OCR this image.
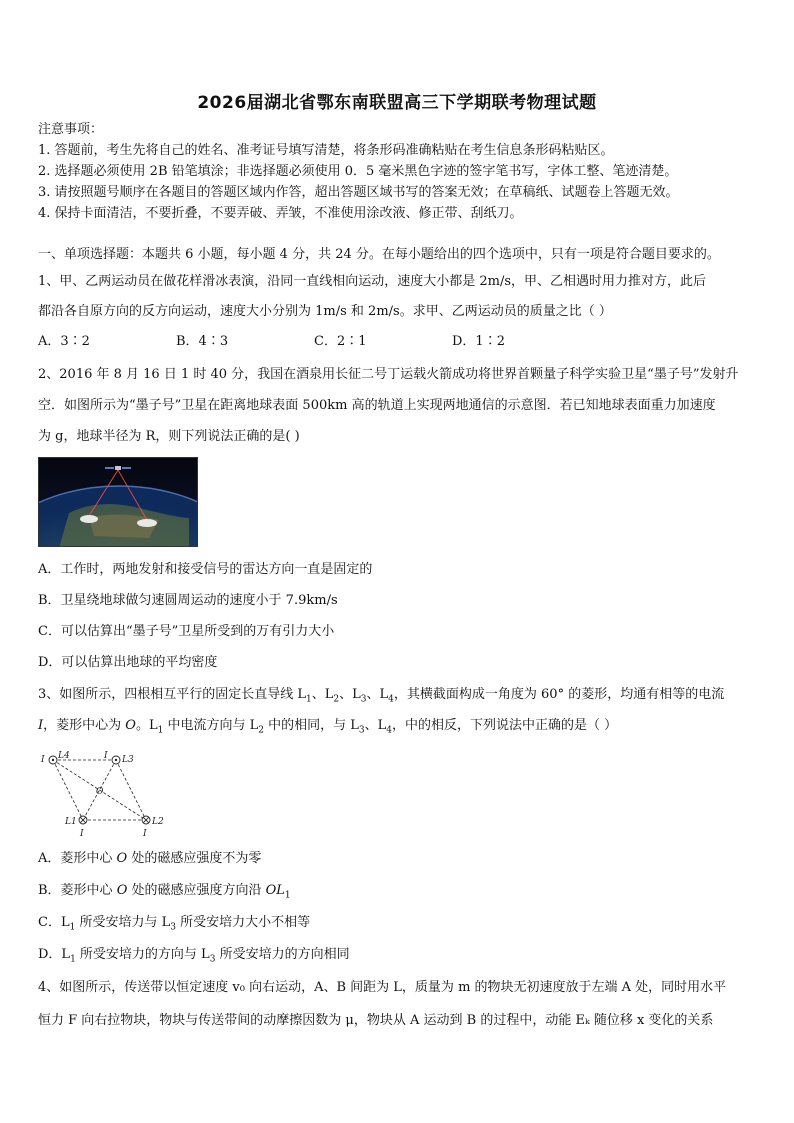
2026届湖北省鄂东南联盟高三下学期联考物理试题
注意事项：
1. 答题前，考生先将自己的姓名、准考证号填写清楚，将条形码准确粘贴在考生信息条形码粘贴区。
2. 选择题必须使用 2B 铅笔填涂；非选择题必须使用 0．5 毫米黑色字迹的签字笔书写，字体工整、笔迹清楚。
3. 请按照题号顺序在各题目的答题区域内作答，超出答题区域书写的答案无效；在草稿纸、试题卷上答题无效。
4. 保持卡面清洁，不要折叠，不要弄破、弄皱，不准使用涂改液、修正带、刮纸刀。
一、单项选择题：本题共 6 小题，每小题 4 分，共 24 分。在每小题给出的四个选项中，只有一项是符合题目要求的。
1、甲、乙两运动员在做花样滑冰表演，沿同一直线相向运动，速度大小都是 2m/s，甲、乙相遇时用力推对方，此后
都沿各自原方向的反方向运动，速度大小分别为 1m/s 和 2m/s。求甲、乙两运动员的质量之比（ ）
A．3∶2	B．4∶3	C．2∶1	D．1∶2
2、2016 年 8 月 16 日 1 时 40 分，我国在酒泉用长征二号丁运载火箭成功将世界首颗量子科学实验卫星“墨子号”发射升
空．如图所示为“墨子号”卫星在距离地球表面 500km 高的轨道上实现两地通信的示意图．若已知地球表面重力加速度
为 g，地球半径为 R，则下列说法正确的是( )
A．工作时，两地发射和接受信号的雷达方向一直是固定的
B．卫星绕地球做匀速圆周运动的速度小于 7.9km/s
C．可以估算出“墨子号”卫星所受到的万有引力大小
D．可以估算出地球的平均密度
3、如图所示，四根相互平行的固定长直导线 $L_1$、$L_2$、$L_3$、$L_4$，其横截面构成一角度为 60° 的菱形，均通有相等的电流
I，菱形中心为 O。$L_1$ 中电流方向与 $L_2$ 中的相同，与 $L_3$、$L_4$，中的相反，下列说法中正确的是（ ）
I L4	I L3
O
L1
I
L2
I
A．菱形中心 O 处的磁感应强度不为零
B．菱形中心 O 处的磁感应强度方向沿 $OL_1$
C．$L_1$ 所受安培力与 $L_3$ 所受安培力大小不相等
D．$L_1$ 所受安培力的方向与 $L_3$ 所受安培力的方向相同
4、如图所示，传送带以恒定速度 v₀ 向右运动，A、B 间距为 L，质量为 m 的物块无初速度放于左端 A 处，同时用水平
恒力 F 向右拉物块，物块与传送带间的动摩擦因数为 μ，物块从 A 运动到 B 的过程中，动能 Eₖ 随位移 x 变化的关系
